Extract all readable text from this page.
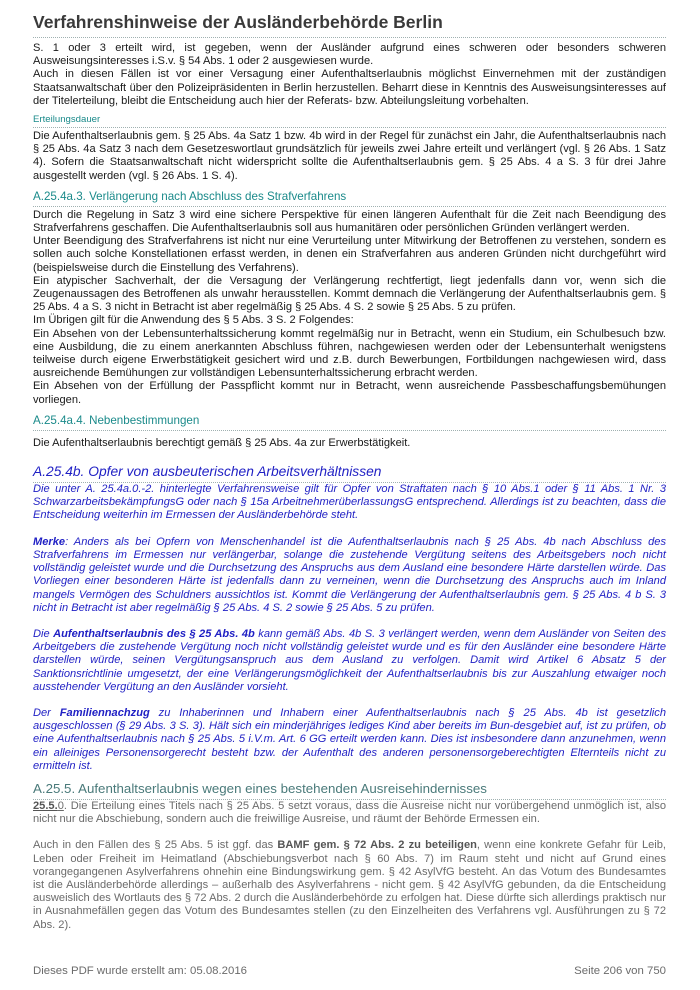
Verfahrenshinweise der Ausländerbehörde Berlin

S. 1 oder 3 erteilt wird, ist gegeben, wenn der Ausländer aufgrund eines schweren oder besonders schweren Ausweisungsinteresses i.S.v. § 54 Abs. 1 oder 2 ausgewiesen wurde.

Auch in diesen Fällen ist vor einer Versagung einer Aufenthaltserlaubnis möglichst Einvernehmen mit der zuständigen Staatsanwaltschaft über den Polizeipräsidenten in Berlin herzustellen. Beharrt diese in Kenntnis des Ausweisungsinteresses auf der Titelerteilung, bleibt die Entscheidung auch hier der Referats- bzw. Abteilungsleitung vorbehalten.

Erteilungsdauer

Die Aufenthaltserlaubnis gem. § 25 Abs. 4a Satz 1 bzw. 4b wird in der Regel für zunächst ein Jahr, die Aufenthaltserlaubnis nach § 25 Abs. 4a Satz 3 nach dem Gesetzeswortlaut grundsätzlich für jeweils zwei Jahre erteilt und verlängert (vgl. § 26 Abs. 1 Satz 4). Sofern die Staatsanwaltschaft nicht widerspricht sollte die Aufenthaltserlaubnis gem. § 25 Abs. 4 a S. 3 für drei Jahre ausgestellt werden (vgl. § 26 Abs. 1 S. 4).

A.25.4a.3. Verlängerung nach Abschluss des Strafverfahrens

Durch die Regelung in Satz 3 wird eine sichere Perspektive für einen längeren Aufenthalt für die Zeit nach Beendigung des Strafverfahrens geschaffen. Die Aufenthaltserlaubnis soll aus humanitären oder persönlichen Gründen verlängert werden.

Unter Beendigung des Strafverfahrens ist nicht nur eine Verurteilung unter Mitwirkung der Betroffenen zu verstehen, sondern es sollen auch solche Konstellationen erfasst werden, in denen ein Strafverfahren aus anderen Gründen nicht durchgeführt wird (beispielsweise durch die Einstellung des Verfahrens).

Ein atypischer Sachverhalt, der die Versagung der Verlängerung rechtfertigt, liegt jedenfalls dann vor, wenn sich die Zeugenaussagen des Betroffenen als unwahr herausstellen. Kommt demnach die Verlängerung der Aufenthaltserlaubnis gem. § 25 Abs. 4 a S. 3 nicht in Betracht ist aber regelmäßig § 25 Abs. 4 S. 2 sowie § 25 Abs. 5 zu prüfen.

Im Übrigen gilt für die Anwendung des § 5 Abs. 3 S. 2 Folgendes:

Ein Absehen von der Lebensunterhaltssicherung kommt regelmäßig nur in Betracht, wenn ein Studium, ein Schulbesuch bzw. eine Ausbildung, die zu einem anerkannten Abschluss führen, nachgewiesen werden oder der Lebensunterhalt wenigstens teilweise durch eigene Erwerbstätigkeit gesichert wird und z.B. durch Bewerbungen, Fortbildungen nachgewiesen wird, dass ausreichende Bemühungen zur vollständigen Lebensunterhaltssicherung erbracht werden.

Ein Absehen von der Erfüllung der Passpflicht kommt nur in Betracht, wenn ausreichende Passbeschaffungsbemühungen vorliegen.

A.25.4a.4. Nebenbestimmungen

Die Aufenthaltserlaubnis berechtigt gemäß § 25 Abs. 4a zur Erwerbstätigkeit.

A.25.4b. Opfer von ausbeuterischen Arbeitsverhältnissen

Die unter A. 25.4a.0.-2. hinterlegte Verfahrensweise gilt für Opfer von Straftaten nach § 10 Abs.1 oder § 11 Abs. 1 Nr. 3 SchwarzarbeitsbekämpfungsG oder nach § 15a ArbeitnehmerüberlassungsG entsprechend. Allerdings ist zu beachten, dass die Entscheidung weiterhin im Ermessen der Ausländerbehörde steht.

Merke: Anders als bei Opfern von Menschenhandel ist die Aufenthaltserlaubnis nach § 25 Abs. 4b nach Abschluss des Strafverfahrens im Ermessen nur verlängerbar, solange die zustehende Vergütung seitens des Arbeitsgebers noch nicht vollständig geleistet wurde und die Durchsetzung des Anspruchs aus dem Ausland eine besondere Härte darstellen würde. Das Vorliegen einer besonderen Härte ist jedenfalls dann zu verneinen, wenn die Durchsetzung des Anspruchs auch im Inland mangels Vermögen des Schuldners aussichtlos ist. Kommt die Verlängerung der Aufenthaltserlaubnis gem. § 25 Abs. 4 b S. 3 nicht in Betracht ist aber regelmäßig § 25 Abs. 4 S. 2 sowie § 25 Abs. 5 zu prüfen.

Die Aufenthaltserlaubnis des § 25 Abs. 4b kann gemäß Abs. 4b S. 3 verlängert werden, wenn dem Ausländer von Seiten des Arbeitgebers die zustehende Vergütung noch nicht vollständig geleistet wurde und es für den Ausländer eine besondere Härte darstellen würde, seinen Vergütungsanspruch aus dem Ausland zu verfolgen. Damit wird Artikel 6 Absatz 5 der Sanktionsrichtlinie umgesetzt, der eine Verlängerungsmöglichkeit der Aufenthaltserlaubnis bis zur Auszahlung etwaiger noch ausstehender Vergütung an den Ausländer vorsieht.

Der Familiennachzug zu Inhaberinnen und Inhabern einer Aufenthaltserlaubnis nach § 25 Abs. 4b ist gesetzlich ausgeschlossen (§ 29 Abs. 3 S. 3). Hält sich ein minderjähriges ledige​s Kind aber bereits im Bun-desgebiet auf, ist zu prüfen, ob eine Aufenthaltserlaubnis nach § 25 Abs. 5 i.V.m. Art. 6 GG erteilt werden kann. Dies ist insbesondere dann anzunehmen, wenn ein alleiniges Personensorgerecht besteht bzw. der Aufenthalt des anderen personensorgeberechtigten Elternteils nicht zu ermitteln ist.

A.25.5. Aufenthaltserlaubnis wegen eines bestehenden Ausreisehindernisses

25.5.0. Die Erteilung eines Titels nach § 25 Abs. 5 setzt voraus, dass die Ausreise nicht nur vorübergehend unmöglich ist, also nicht nur die Abschiebung, sondern auch die freiwillige Ausreise, und räumt der Behörde Ermessen ein.

Auch in den Fällen des § 25 Abs. 5 ist ggf. das BAMF gem. § 72 Abs. 2 zu beteiligen, wenn eine konkrete Gefahr für Leib, Leben oder Freiheit im Heimatland (Abschiebungsverbot nach § 60 Abs. 7) im Raum steht und nicht auf Grund eines vorangegangenen Asylverfahrens ohnehin eine Bindungswirkung gem. § 42 AsylVfG besteht. An das Votum des Bundesamtes ist die Ausländerbehörde allerdings – außerhalb des Asylverfahrens - nicht gem. § 42 AsylVfG gebunden, da die Entscheidung ausweislich des Wortlauts des § 72 Abs. 2 durch die Ausländerbehörde zu erfolgen hat. Diese dürfte sich allerdings praktisch nur in Ausnahmefällen gegen das Votum des Bundesamtes stellen (zu den Einzelheiten des Verfahrens vgl. Ausführungen zu § 72 Abs. 2).

Dieses PDF wurde erstellt am: 05.08.2016	Seite 206 von 750
